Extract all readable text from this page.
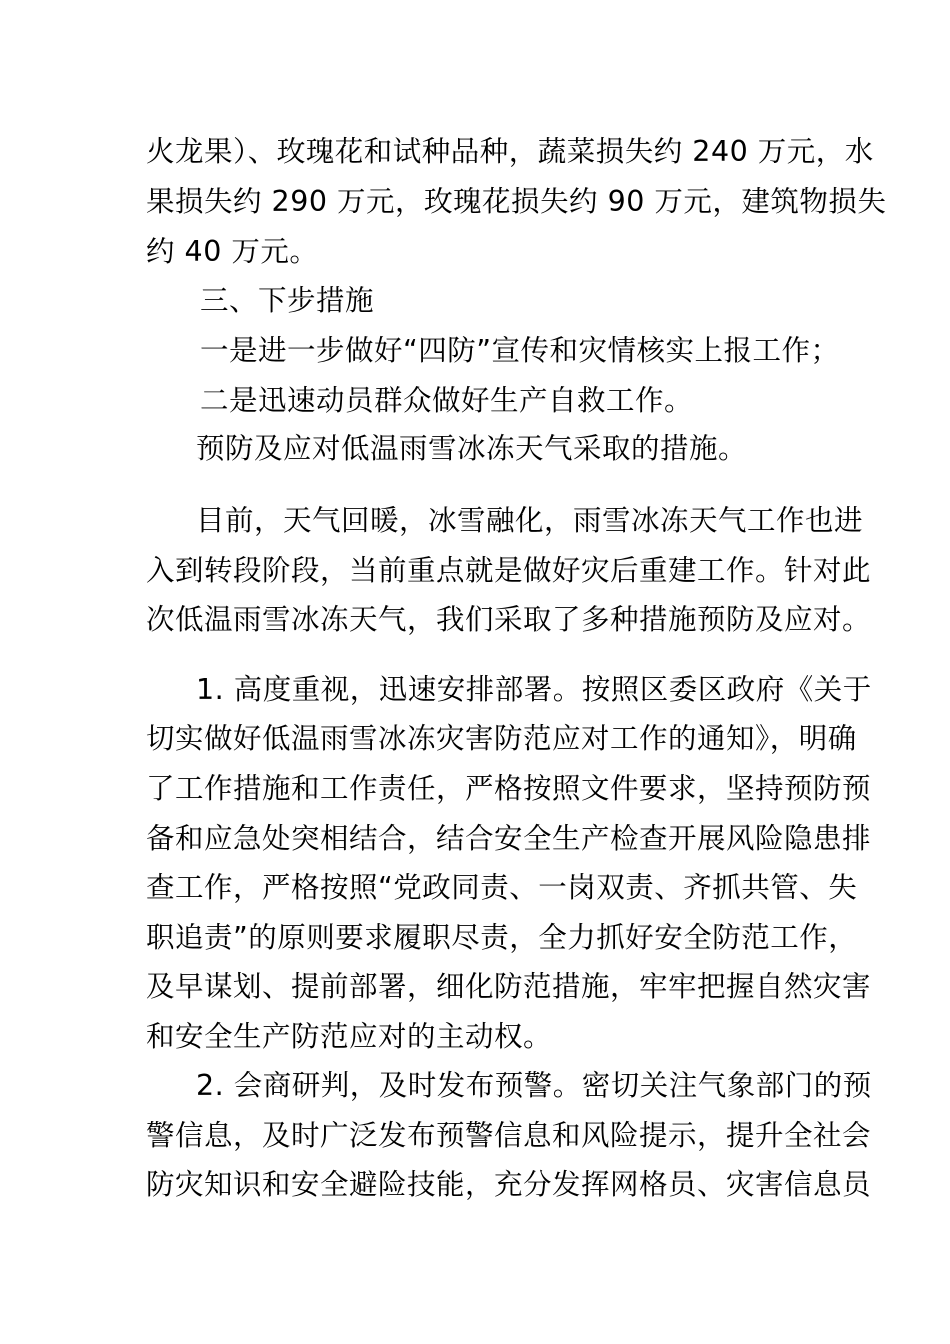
火龙果）、玫瑰花和试种品种，蔬菜损失约 240 万元，水
果损失约 290 万元，玫瑰花损失约 90 万元，建筑物损失
约 40 万元。
三、下步措施
一是进一步做好“四防”宣传和灾情核实上报工作；
二是迅速动员群众做好生产自救工作。
预防及应对低温雨雪冰冻天气采取的措施。
目前，天气回暖，冰雪融化，雨雪冰冻天气工作也进
入到转段阶段，当前重点就是做好灾后重建工作。针对此
次低温雨雪冰冻天气，我们采取了多种措施预防及应对。
1. 高度重视，迅速安排部署。按照区委区政府《关于
切实做好低温雨雪冰冻灾害防范应对工作的通知》，明确
了工作措施和工作责任，严格按照文件要求，坚持预防预
备和应急处突相结合，结合安全生产检查开展风险隐患排
查工作，严格按照“党政同责、一岗双责、齐抓共管、失
职追责”的原则要求履职尽责，全力抓好安全防范工作，
及早谋划、提前部署，细化防范措施，牢牢把握自然灾害
和安全生产防范应对的主动权。
2. 会商研判，及时发布预警。密切关注气象部门的预
警信息，及时广泛发布预警信息和风险提示，提升全社会
防灾知识和安全避险技能，充分发挥网格员、灾害信息员
